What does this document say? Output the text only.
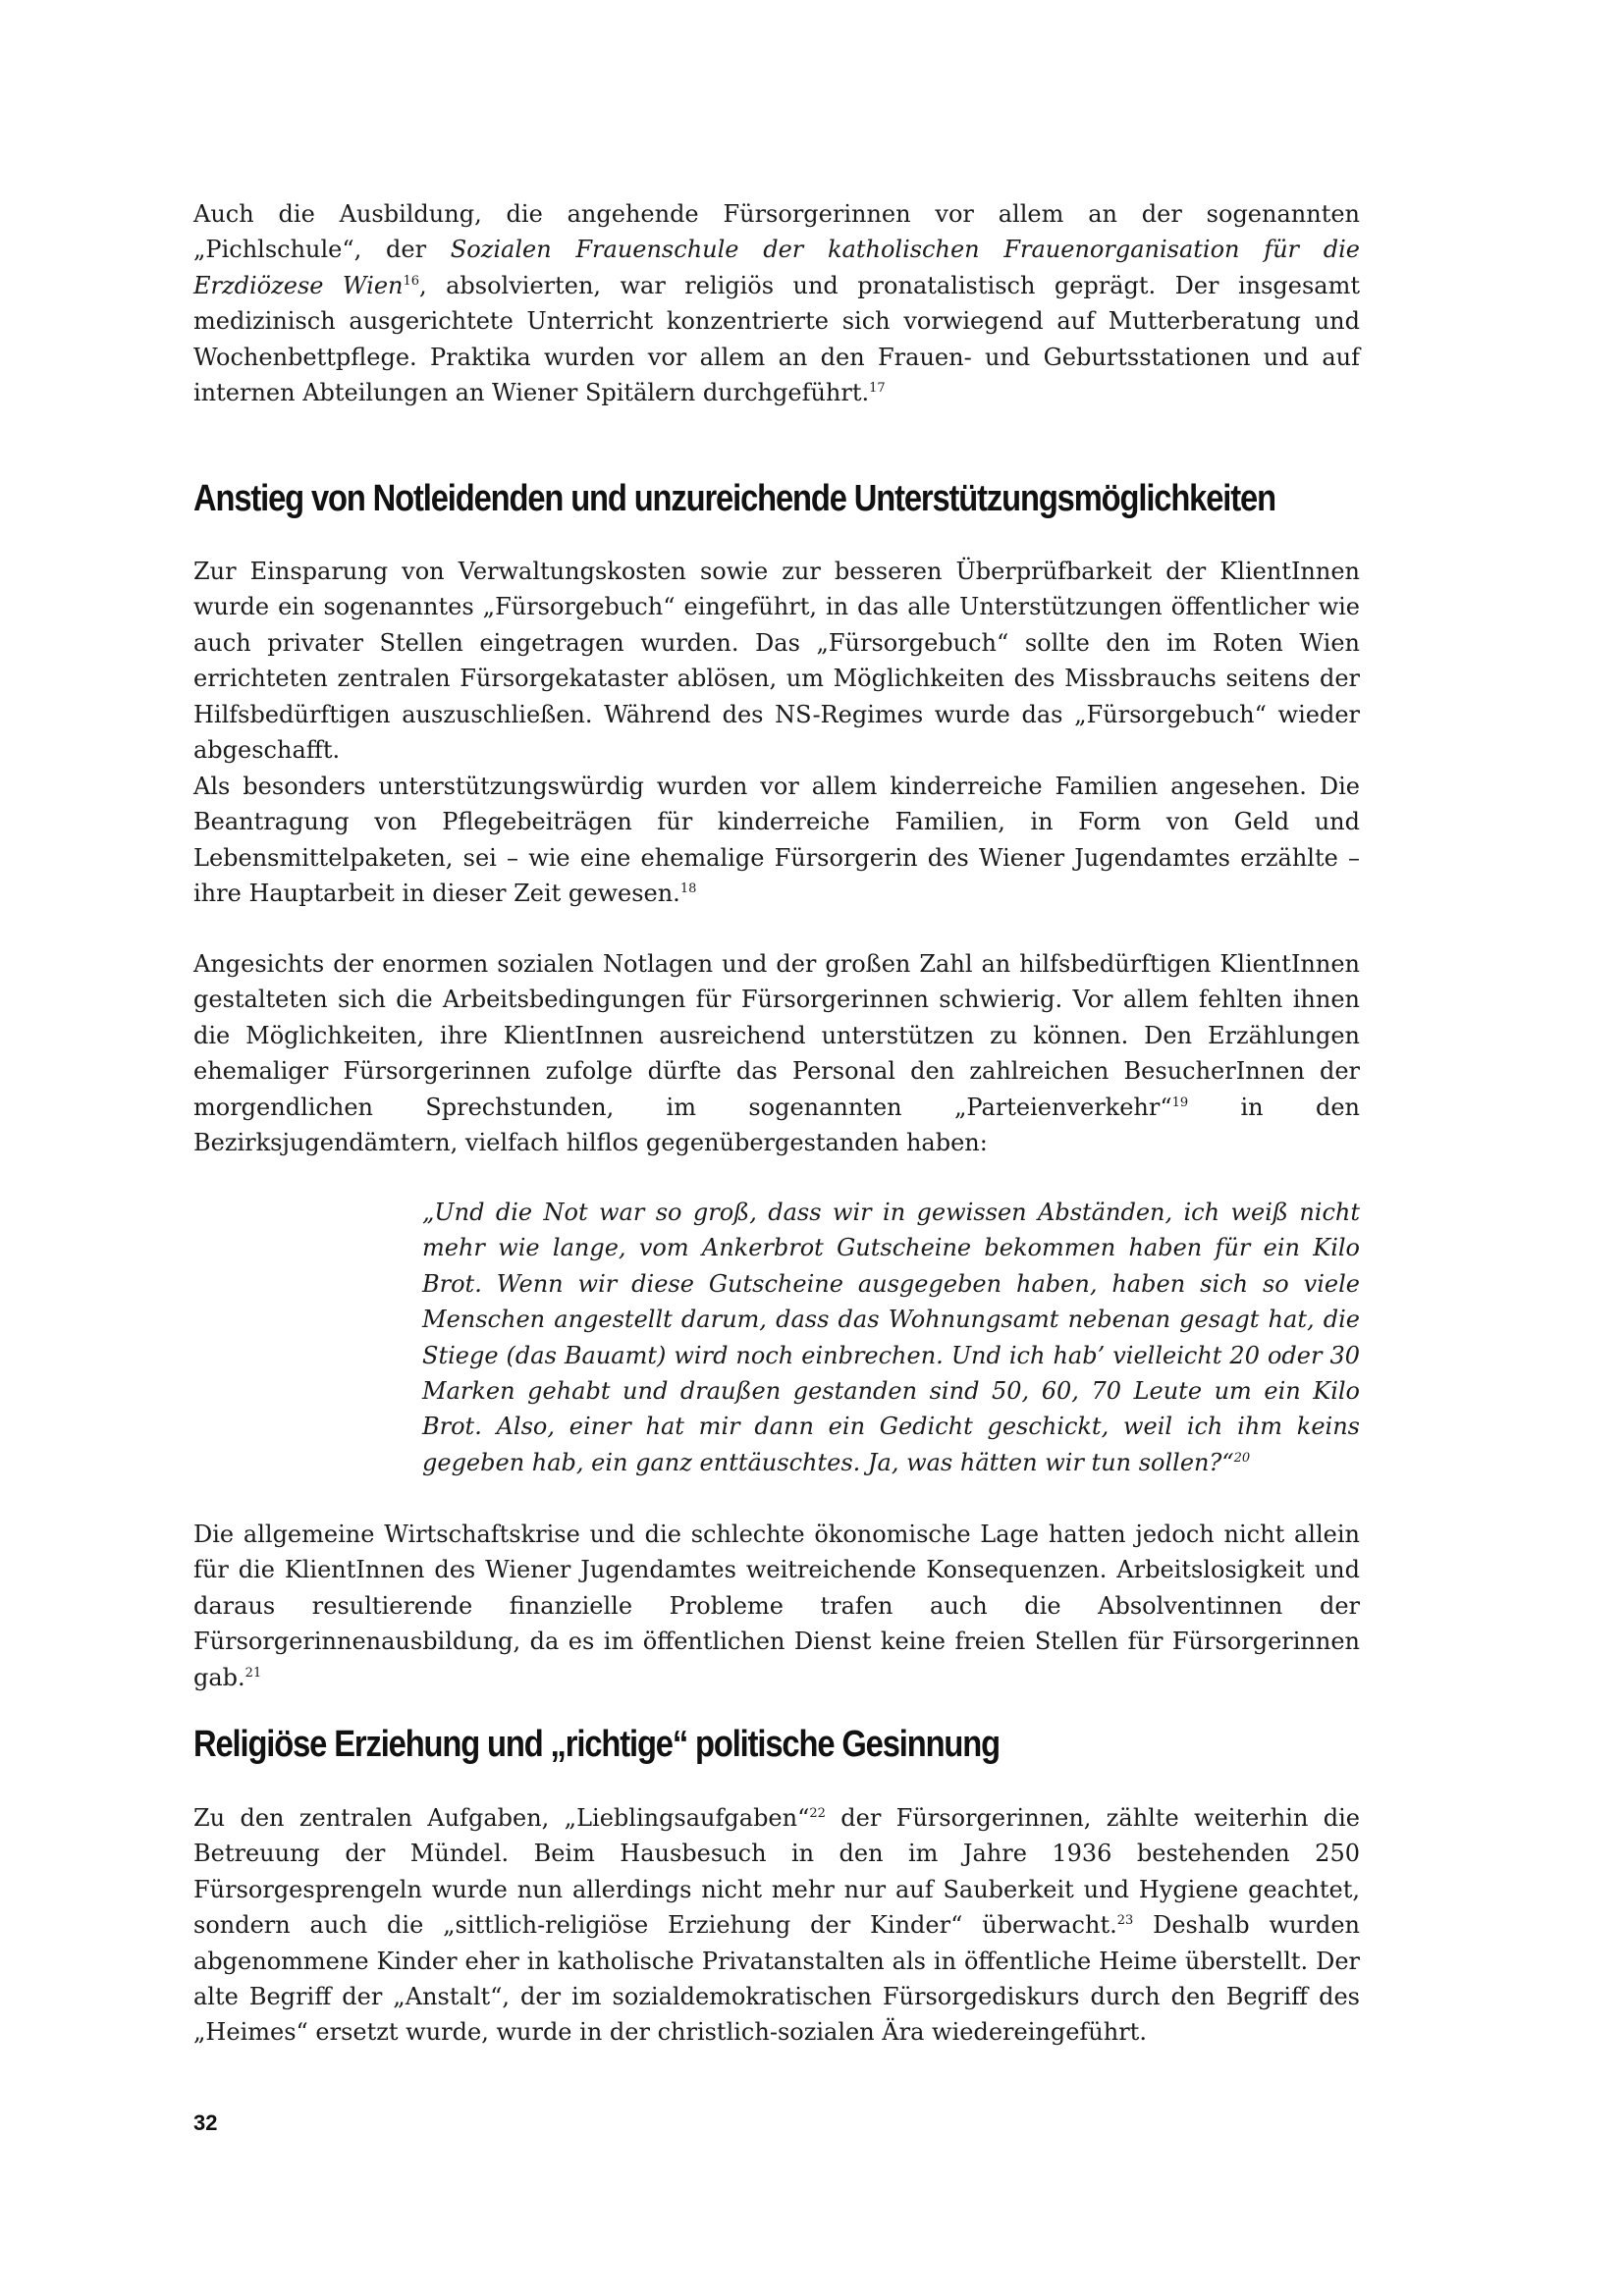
Auch die Ausbildung, die angehende Fürsorgerinnen vor allem an der sogenannten „Pichlschule“, der Sozialen Frauenschule der katholischen Frauenorganisation für die Erzdiözese Wien$^{16}$, absolvierten, war religiös und pronatalistisch geprägt. Der insgesamt medizinisch ausgerichtete Unterricht konzentrierte sich vorwiegend auf Mutterberatung und Wochenbettpflege. Praktika wurden vor allem an den Frauen- und Geburtsstationen und auf internen Abteilungen an Wiener Spitälern durchgeführt.$^{17}$

Anstieg von Notleidenden und unzureichende Unterstützungsmöglichkeiten

Zur Einsparung von Verwaltungskosten sowie zur besseren Überprüfbarkeit der KlientInnen wurde ein sogenanntes „Fürsorgebuch“ eingeführt, in das alle Unterstützungen öffentlicher wie auch privater Stellen eingetragen wurden. Das „Fürsorgebuch“ sollte den im Roten Wien errichteten zentralen Fürsorgekataster ablösen, um Möglichkeiten des Missbrauchs seitens der Hilfsbedürftigen auszuschließen. Während des NS-Regimes wurde das „Fürsorgebuch“ wieder abgeschafft.

Als besonders unterstützungswürdig wurden vor allem kinderreiche Familien angesehen. Die Beantragung von Pflegebeiträgen für kinderreiche Familien, in Form von Geld und Lebensmittelpaketen, sei – wie eine ehemalige Fürsorgerin des Wiener Jugendamtes erzählte – ihre Hauptarbeit in dieser Zeit gewesen.$^{18}$

Angesichts der enormen sozialen Notlagen und der großen Zahl an hilfsbedürftigen KlientInnen gestalteten sich die Arbeitsbedingungen für Fürsorgerinnen schwierig. Vor allem fehlten ihnen die Möglichkeiten, ihre KlientInnen ausreichend unterstützen zu können. Den Erzählungen ehemaliger Fürsorgerinnen zufolge dürfte das Personal den zahlreichen BesucherInnen der morgendlichen Sprechstunden, im sogenannten „Parteienverkehr“$^{19}$ in den Bezirksjugendämtern, vielfach hilflos gegenübergestanden haben:

„Und die Not war so groß, dass wir in gewissen Abständen, ich weiß nicht mehr wie lange, vom Ankerbrot Gutscheine bekommen haben für ein Kilo Brot. Wenn wir diese Gutscheine ausgegeben haben, haben sich so viele Menschen angestellt darum, dass das Wohnungsamt nebenan gesagt hat, die Stiege (das Bauamt) wird noch einbrechen. Und ich hab’ vielleicht 20 oder 30 Marken gehabt und draußen gestanden sind 50, 60, 70 Leute um ein Kilo Brot. Also, einer hat mir dann ein Gedicht geschickt, weil ich ihm keins gegeben hab, ein ganz enttäuschtes. Ja, was hätten wir tun sollen?“$^{20}$

Die allgemeine Wirtschaftskrise und die schlechte ökonomische Lage hatten jedoch nicht allein für die KlientInnen des Wiener Jugendamtes weitreichende Konsequenzen. Arbeitslosigkeit und daraus resultierende finanzielle Probleme trafen auch die Absolventinnen der Fürsorgerinnenausbildung, da es im öffentlichen Dienst keine freien Stellen für Fürsorgerinnen gab.$^{21}$

Religiöse Erziehung und „richtige“ politische Gesinnung

Zu den zentralen Aufgaben, „Lieblingsaufgaben“$^{22}$ der Fürsorgerinnen, zählte weiterhin die Betreuung der Mündel. Beim Hausbesuch in den im Jahre 1936 bestehenden 250 Fürsorgesprengeln wurde nun allerdings nicht mehr nur auf Sauberkeit und Hygiene geachtet, sondern auch die „sittlich-religiöse Erziehung der Kinder“ überwacht.$^{23}$ Deshalb wurden abgenommene Kinder eher in katholische Privatanstalten als in öffentliche Heime überstellt. Der alte Begriff der „Anstalt“, der im sozialdemokratischen Fürsorgediskurs durch den Begriff des „Heimes“ ersetzt wurde, wurde in der christlich-sozialen Ära wiedereingeführt.

32
